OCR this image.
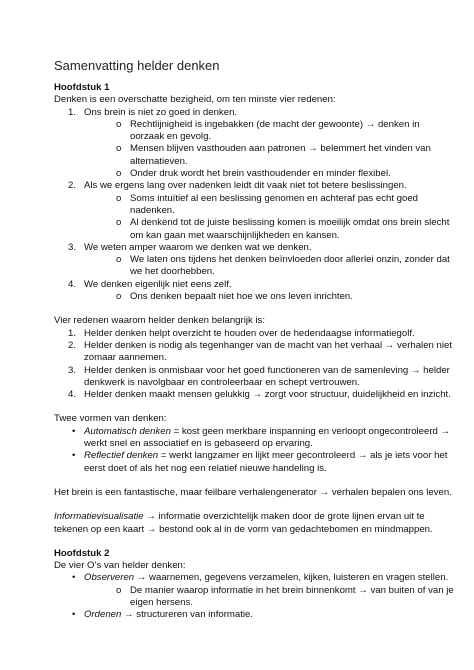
Samenvatting helder denken

Hoofdstuk 1

Denken is een overschatte bezigheid, om ten minste vier redenen:

1. Ons brein is niet zo goed in denken.

o Rechtlijnigheid is ingebakken (de macht der gewoonte) → denken in oorzaak en gevolg.

o Mensen blijven vasthouden aan patronen → belemmert het vinden van alternatieven.

o Onder druk wordt het brein vasthoudender en minder flexibel.

2. Als we ergens lang over nadenken leidt dit vaak niet tot betere beslissingen.

o Soms intuïtief al een beslissing genomen en achteraf pas echt goed nadenken.

o Al denkend tot de juiste beslissing komen is moeilijk omdat ons brein slecht om kan gaan met waarschijnlijkheden en kansen.

3. We weten amper waarom we denken wat we denken.

o We laten ons tijdens het denken beïnvloeden door allerlei onzin, zonder dat we het doorhebben.

4. We denken eigenlijk niet eens zelf.

o Ons denken bepaalt niet hoe we ons leven inrichten.

Vier redenen waarom helder denken belangrijk is:

1. Helder denken helpt overzicht te houden over de hedendaagse informatiegolf.

2. Helder denken is nodig als tegenhanger van de macht van het verhaal → verhalen niet zomaar aannemen.

3. Helder denken is onmisbaar voor het goed functioneren van de samenleving → helder denkwerk is navolgbaar en controleerbaar en schept vertrouwen.

4. Helder denken maakt mensen gelukkig → zorgt voor structuur, duidelijkheid en inzicht.

Twee vormen van denken:

• Automatisch denken = kost geen merkbare inspanning en verloopt ongecontroleerd → werkt snel en associatief en is gebaseerd op ervaring.

• Reflectief denken = werkt langzamer en lijkt meer gecontroleerd → als je iets voor het eerst doet of als het nog een relatief nieuwe handeling is.

Het brein is een fantastische, maar feilbare verhalengenerator → verhalen bepalen ons leven.

Informatievisualisatie → informatie overzichtelijk maken door de grote lijnen ervan uit te tekenen op een kaart → bestond ook al in de vorm van gedachtebomen en mindmappen.

Hoofdstuk 2

De vier O’s van helder denken:

• Observeren → waarnemen, gegevens verzamelen, kijken, luisteren en vragen stellen.

o De manier waarop informatie in het brein binnenkomt → van buiten of van je eigen hersens.

• Ordenen → structureren van informatie.
